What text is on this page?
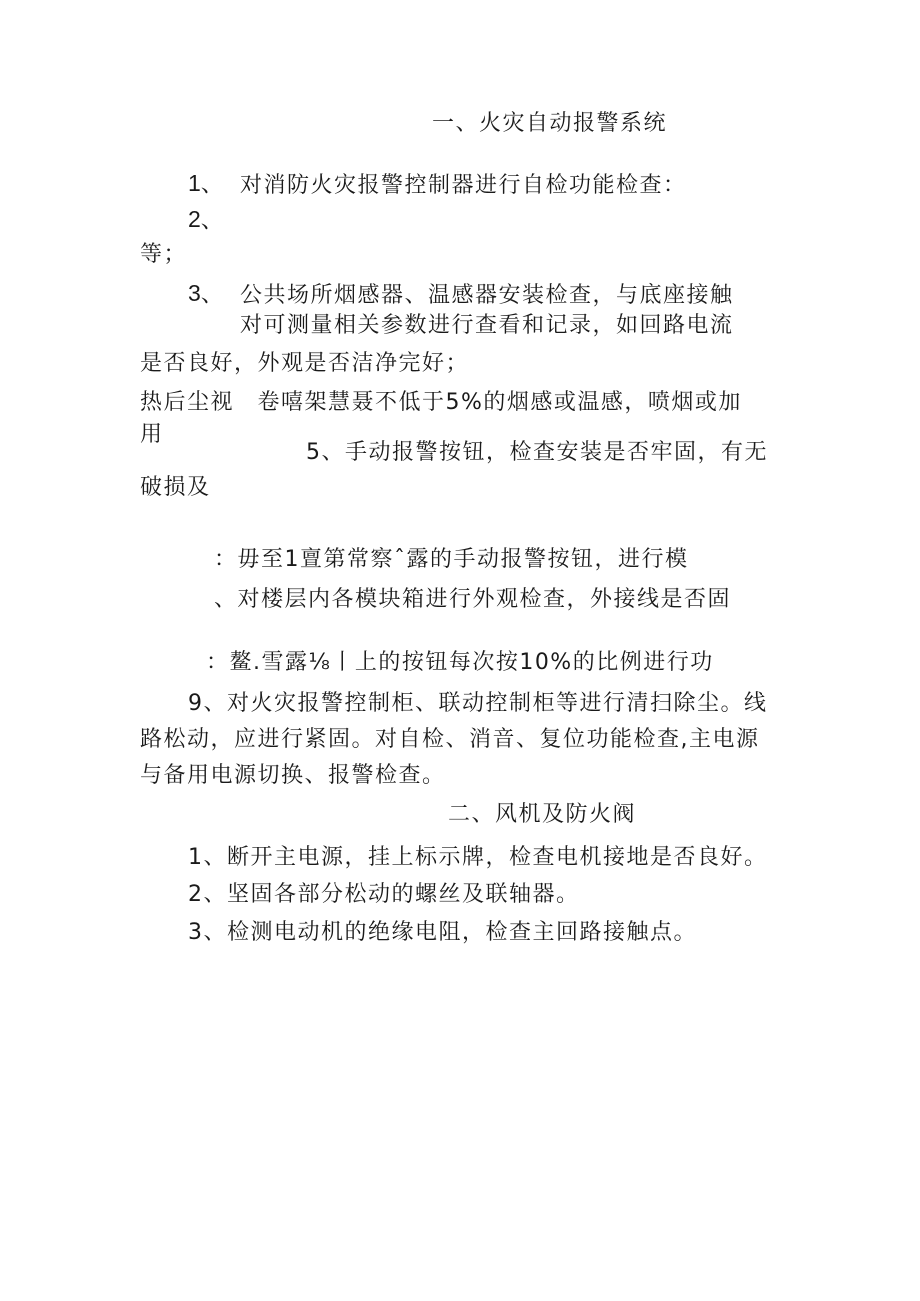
一、火灾自动报警系统
1、 对消防火灾报警控制器进行自检功能检查：
2、
等；
3、 公共场所烟感器、温感器安装检查，与底座接触
对可测量相关参数进行查看和记录，如回路电流
是否良好，外观是否洁净完好；
热后尘视　卷嘻架慧聂不低于5%的烟感或温感，喷烟或加
用
5、手动报警按钮，检查安装是否牢固，有无
破损及
：毋至1亶第常察ˆ露的手动报警按钮，进行模
、对楼层内各模块箱进行外观检查，外接线是否固
：鳌.雪露⅛丨上的按钮每次按10%的比例进行功
9、对火灾报警控制柜、联动控制柜等进行清扫除尘。线
路松动，应进行紧固。对自检、消音、复位功能检查,主电源
与备用电源切换、报警检查。
二、风机及防火阀
1、断开主电源，挂上标示牌，检查电机接地是否良好。
2、坚固各部分松动的螺丝及联轴器。
3、检测电动机的绝缘电阻，检查主回路接触点。
